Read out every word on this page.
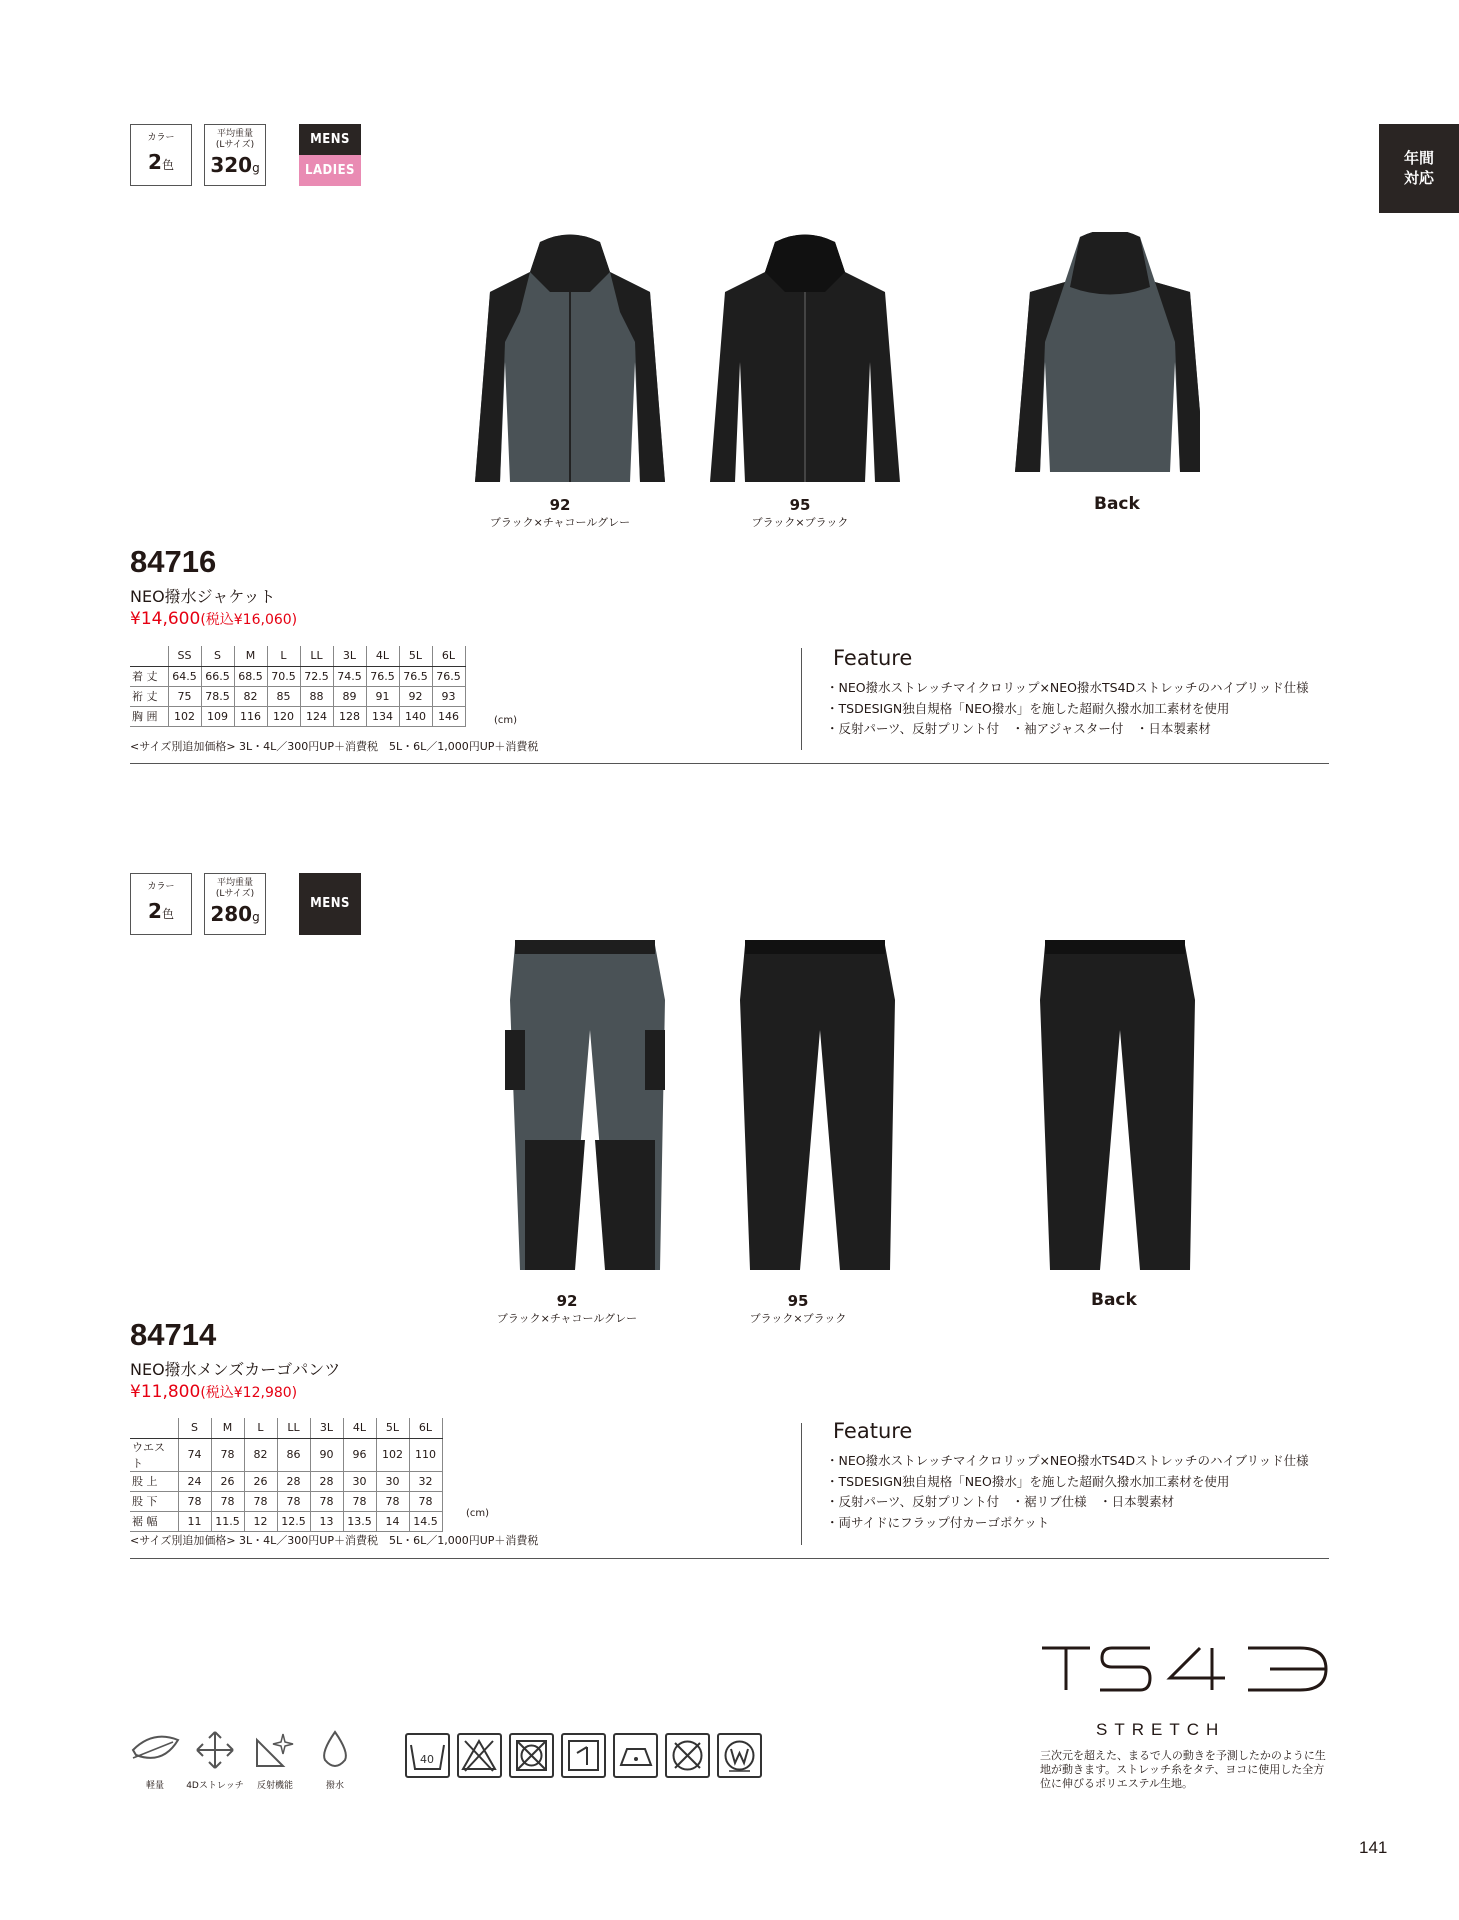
年間
対応
カラー
2色
平均重量
(Lサイズ)
320g
MENS
LADIES
92
ブラック×チャコールグレー
95
ブラック×ブラック
Back
84716
NEO撥水ジャケット
¥14,600(税込¥16,060)
	SS	S	M	L	LL	3L	4L	5L	6L
着 丈	64.5	66.5	68.5	70.5	72.5	74.5	76.5	76.5	76.5
裄 丈	75	78.5	82	85	88	89	91	92	93
胸 囲	102	109	116	120	124	128	134	140	146	(cm)
<サイズ別追加価格> 3L・4L／300円UP＋消費税　5L・6L／1,000円UP＋消費税
Feature
・NEO撥水ストレッチマイクロリップ×NEO撥水TS4Dストレッチのハイブリッド仕様
・TSDESIGN独自規格「NEO撥水」を施した超耐久撥水加工素材を使用
・反射パーツ、反射プリント付　・袖アジャスター付　・日本製素材
カラー
2色
平均重量
(Lサイズ)
280g
MENS
92
ブラック×チャコールグレー
95
ブラック×ブラック
Back
84714
NEO撥水メンズカーゴパンツ
¥11,800(税込¥12,980)
	S	M	L	LL	3L	4L	5L	6L
ウエスト	74	78	82	86	90	96	102	110
股 上	24	26	26	28	28	30	30	32
股 下	78	78	78	78	78	78	78	78
裾 幅	11	11.5	12	12.5	13	13.5	14	14.5
(cm)
<サイズ別追加価格> 3L・4L／300円UP＋消費税　5L・6L／1,000円UP＋消費税
Feature
・NEO撥水ストレッチマイクロリップ×NEO撥水TS4Dストレッチのハイブリッド仕様
・TSDESIGN独自規格「NEO撥水」を施した超耐久撥水加工素材を使用
・反射パーツ、反射プリント付　・裾リブ仕様　・日本製素材
・両サイドにフラップ付カーゴポケット
STRETCH
三次元を超えた、まるで人の動きを予測したかのように生地が動きます。ストレッチ糸をタテ、ヨコに使用した全方位に伸びるポリエステル生地。
軽量	4Dストレッチ	反射機能	撥水
40
141
